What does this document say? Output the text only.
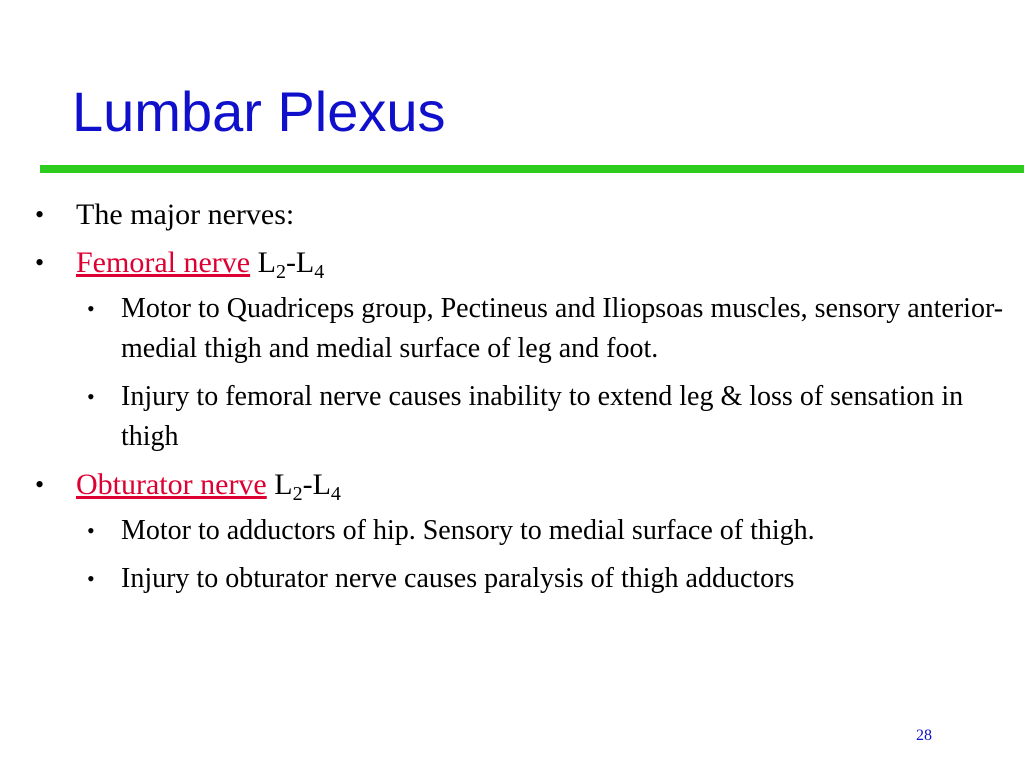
Lumbar Plexus
• The major nerves:
• Femoral nerve $L_2-L_4$
• Motor to Quadriceps group, Pectineus and Iliopsoas muscles, sensory anterior-medial thigh and medial surface of leg and foot.
• Injury to femoral nerve causes inability to extend leg & loss of sensation in thigh
• Obturator nerve $L_2-L_4$
• Motor to adductors of hip. Sensory to medial surface of thigh.
• Injury to obturator nerve causes paralysis of thigh adductors
28
